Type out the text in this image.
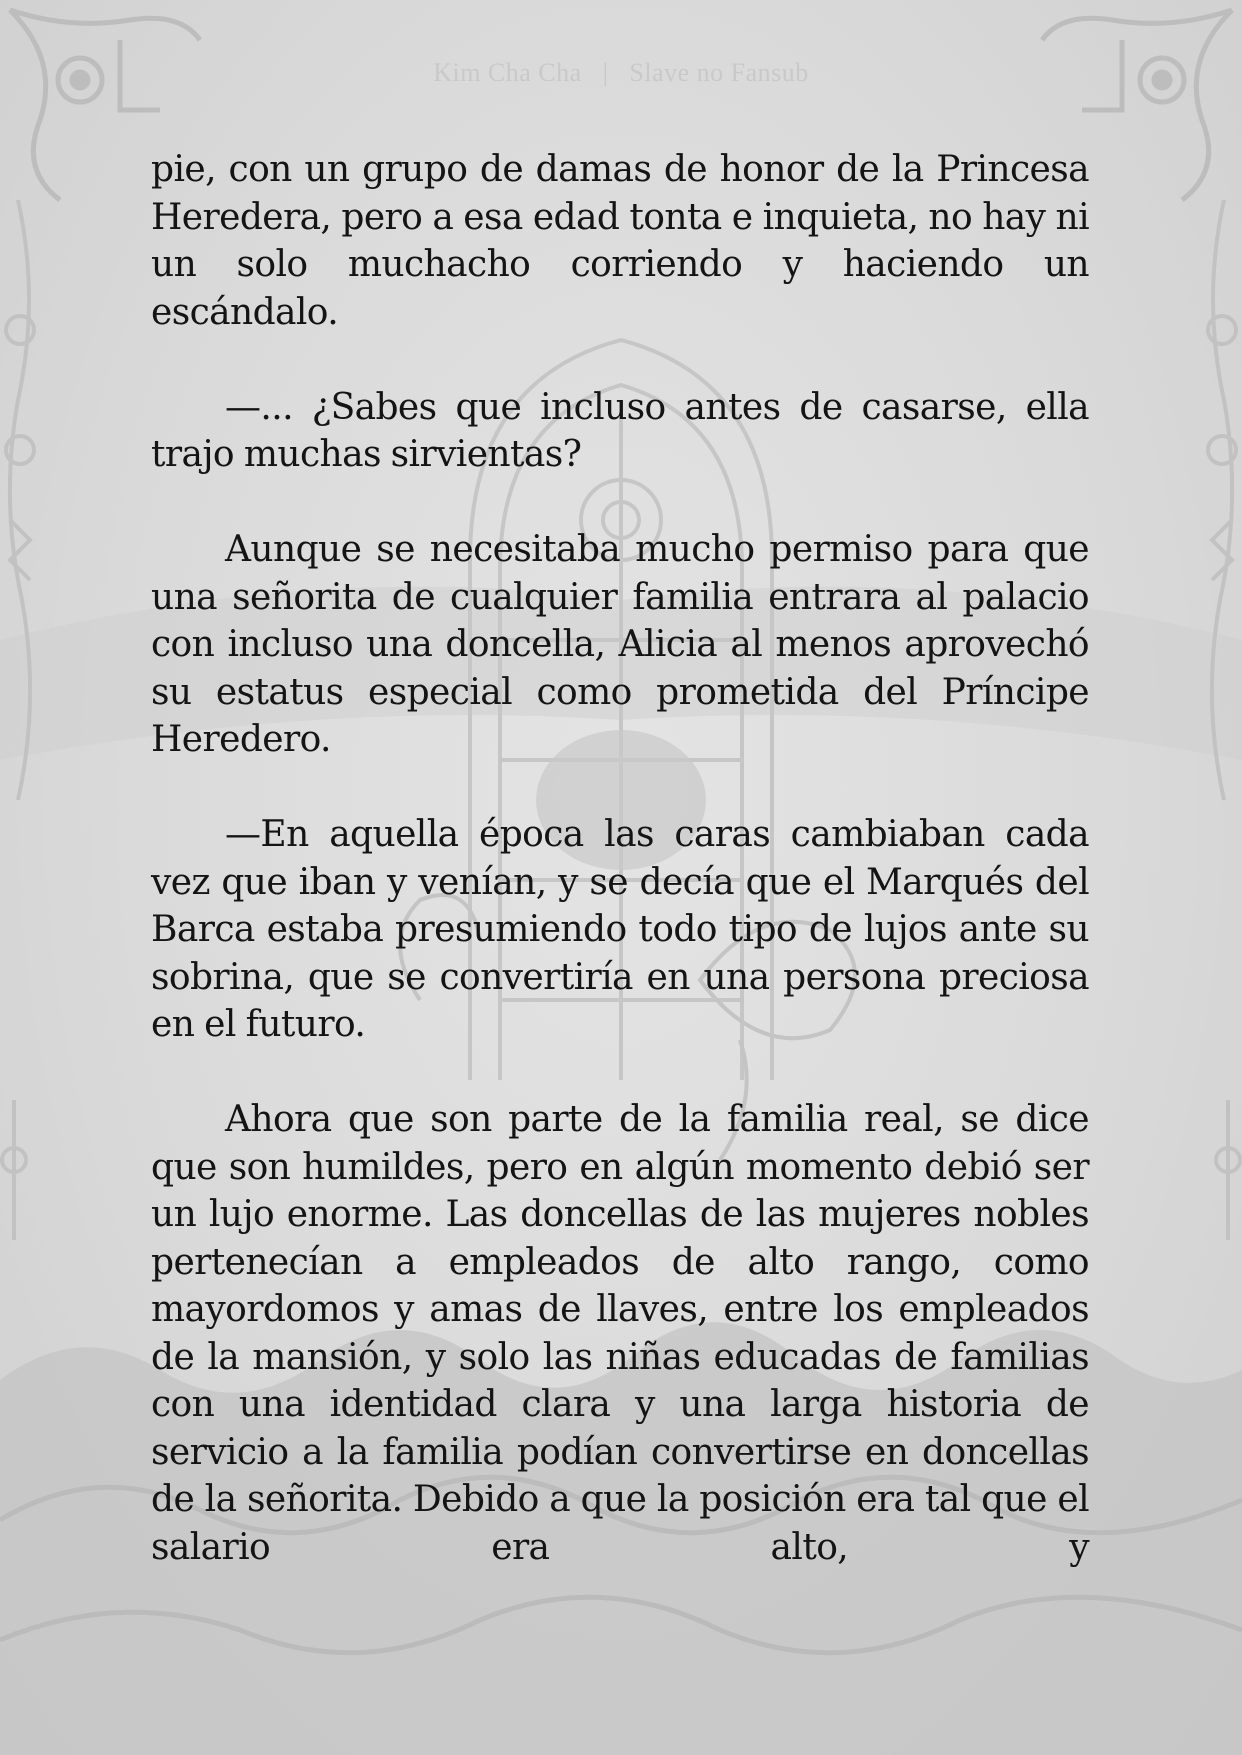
Kim Cha Cha | Slave no Fansub

pie, con un grupo de damas de honor de la Princesa Heredera, pero a esa edad tonta e inquieta, no hay ni un solo muchacho corriendo y haciendo un escándalo.

—... ¿Sabes que incluso antes de casarse, ella trajo muchas sirvientas?

Aunque se necesitaba mucho permiso para que una señorita de cualquier familia entrara al palacio con incluso una doncella, Alicia al menos aprovechó su estatus especial como prometida del Príncipe Heredero.

—En aquella época las caras cambiaban cada vez que iban y venían, y se decía que el Marqués del Barca estaba presumiendo todo tipo de lujos ante su sobrina, que se convertiría en una persona preciosa en el futuro.

Ahora que son parte de la familia real, se dice que son humildes, pero en algún momento debió ser un lujo enorme. Las doncellas de las mujeres nobles pertenecían a empleados de alto rango, como mayordomos y amas de llaves, entre los empleados de la mansión, y solo las niñas educadas de familias con una identidad clara y una larga historia de servicio a la familia podían convertirse en doncellas de la señorita. Debido a que la posición era tal que el salario era alto, y
